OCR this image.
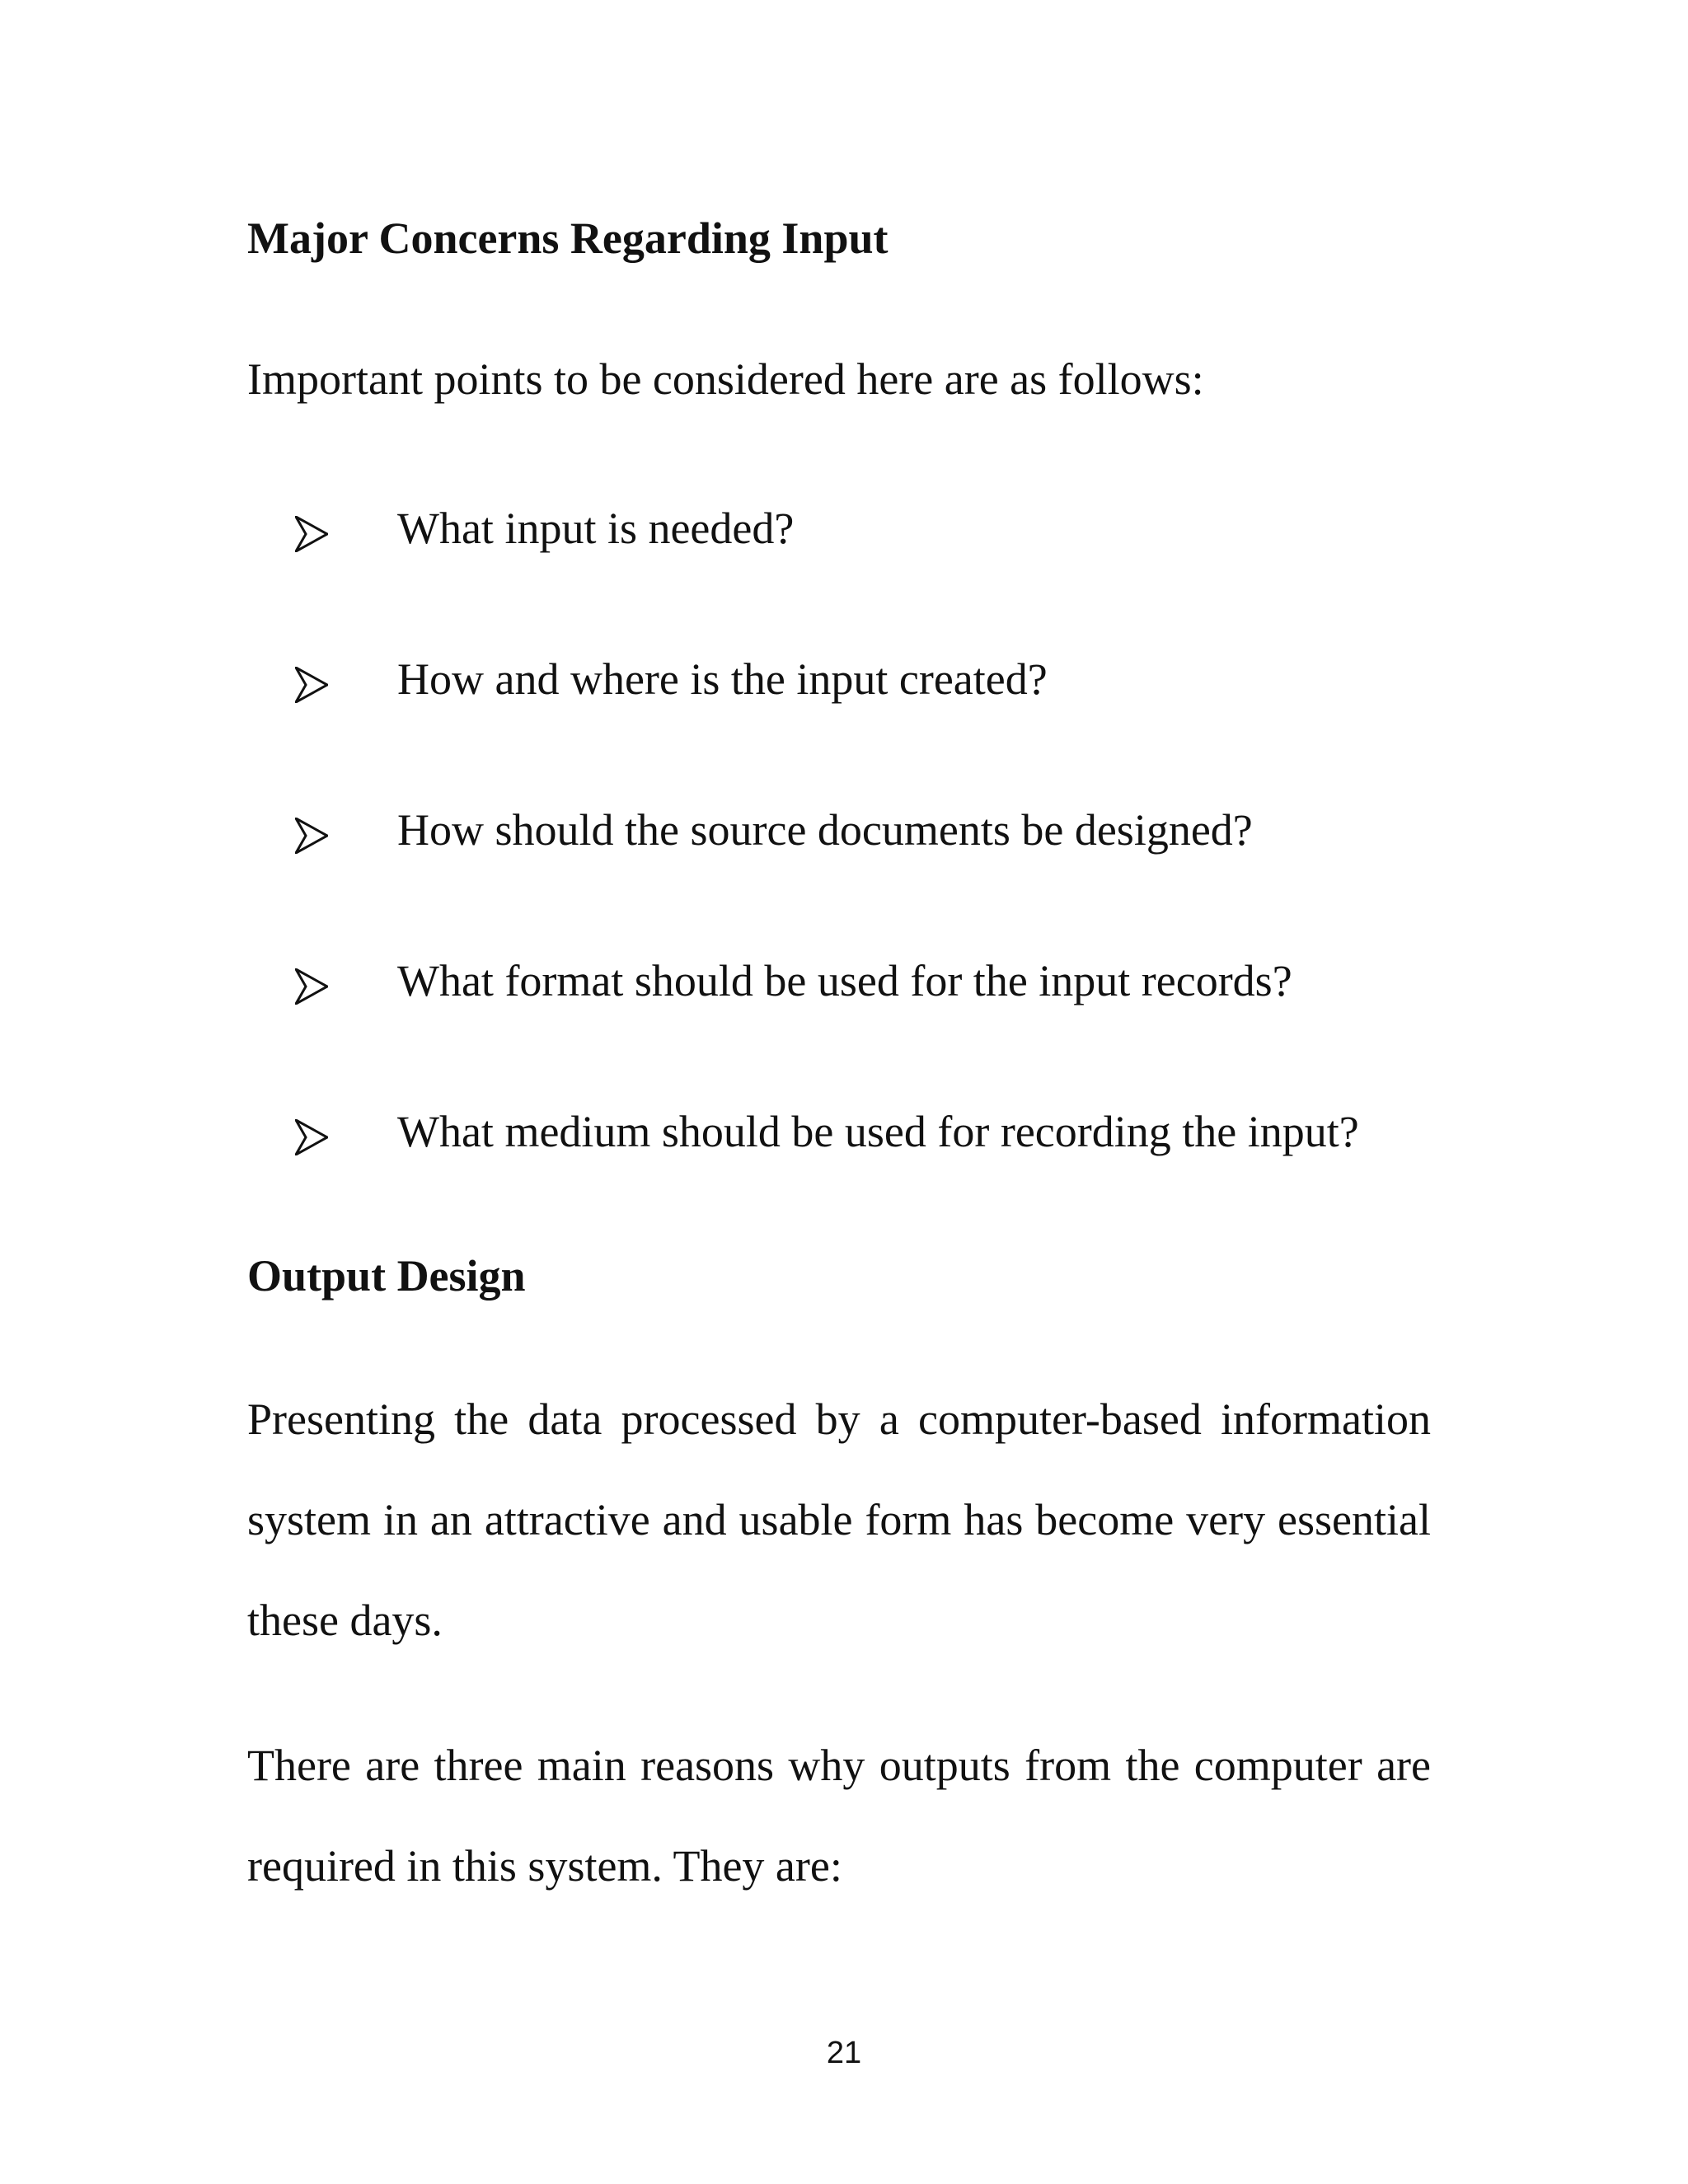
Major Concerns Regarding Input

Important points to be considered here are as follows:

What input is needed?
How and where is the input created?
How should the source documents be designed?
What format should be used for the input records?
What medium should be used for recording the input?
Output Design

Presenting the data processed by a computer-based information system in an attractive and usable form has become very essential these days.

There are three main reasons why outputs from the computer are required in this system. They are:

21
